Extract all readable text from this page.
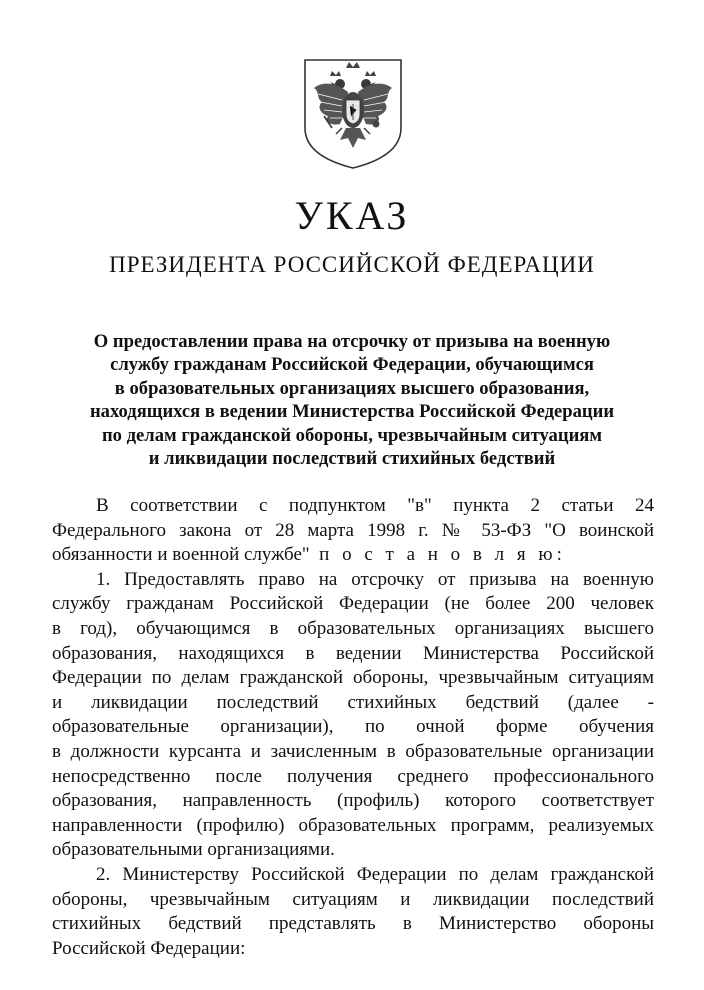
УКАЗ
ПРЕЗИДЕНТА РОССИЙСКОЙ ФЕДЕРАЦИИ
О предоставлении права на отсрочку от призыва на военную
службу гражданам Российской Федерации, обучающимся
в образовательных организациях высшего образования,
находящихся в ведении Министерства Российской Федерации
по делам гражданской обороны, чрезвычайным ситуациям
и ликвидации последствий стихийных бедствий
В соответствии с подпунктом "в" пункта 2 статьи 24
Федерального закона от 28 марта 1998 г. № 53-ФЗ "О воинской
обязанности и военной службе" п о с т а н о в л я ю:
1. Предоставлять право на отсрочку от призыва на военную
службу гражданам Российской Федерации (не более 200 человек
в год), обучающимся в образовательных организациях высшего
образования, находящихся в ведении Министерства Российской
Федерации по делам гражданской обороны, чрезвычайным ситуациям
и ликвидации последствий стихийных бедствий (далее -
образовательные организации), по очной форме обучения
в должности курсанта и зачисленным в образовательные организации
непосредственно после получения среднего профессионального
образования, направленность (профиль) которого соответствует
направленности (профилю) образовательных программ, реализуемых
образовательными организациями.
2. Министерству Российской Федерации по делам гражданской
обороны, чрезвычайным ситуациям и ликвидации последствий
стихийных бедствий представлять в Министерство обороны
Российской Федерации:
